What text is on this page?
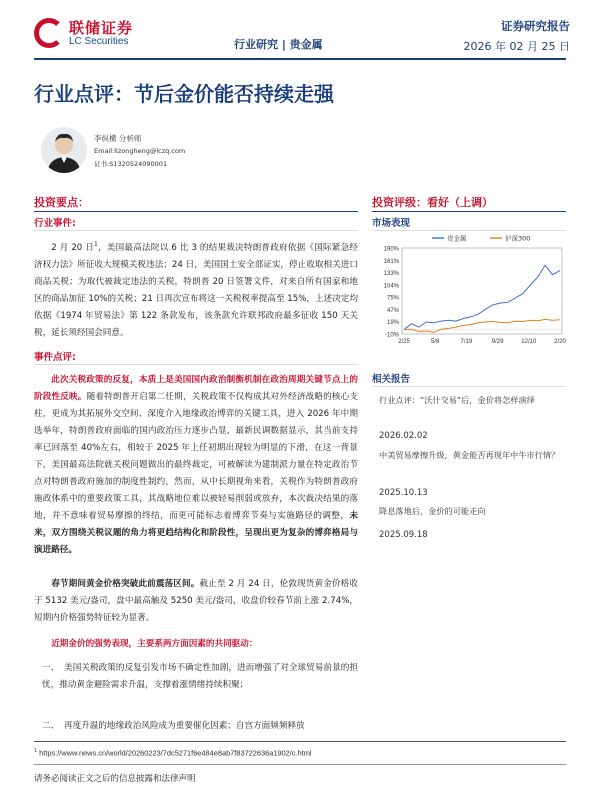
联储证券
LC Securities	行业研究 | 贵金属
证券研究报告
2026 年 02 月 25 日
行业点评：节后金价能否持续走强
李纵横 分析师
Email:lizongheng@lczq.com
证书:S1320524090001
投资要点：
行业事件:
2 月 20 日$^1$，美国最高法院以 6 比 3 的结果裁决特朗普政府依据《国际紧急经济权力法》所征收大规模关税违法；24 日，美国国土安全部证实，停止收取相关进口商品关税；为取代被裁定违法的关税，特朗普 20 日签署文件，对来自所有国家和地区的商品加征 10%的关税；21 日再次宣布将这一关税税率提高至 15%，上述决定均依据《1974 年贸易法》第 122 条款发布，该条款允许联邦政府最多征收 150 天关税，延长须经国会同意。
事件点评:
此次关税政策的反复，本质上是美国国内政治制衡机制在政治周期关键节点上的阶段性反映。随着特朗普开启第二任期，关税政策不仅构成其对外经济战略的核心支柱，更成为其拓展外交空间、深度介入地缘政治博弈的关键工具，进入 2026 年中期选举年，特朗普政府面临的国内政治压力逐步凸显，最新民调数据显示，其当前支持率已回落至 40%左右，相较于 2025 年上任初期出现较为明显的下滑，在这一背景下，美国最高法院就关税问题做出的最终裁定，可被解读为建制派力量在特定政治节点对特朗普政府施加的制度性制约，然而，从中长期视角来看，关税作为特朗普政府施政体系中的重要政策工具，其战略地位难以被轻易削弱或放弃，本次裁决结果的落地，并不意味着贸易摩擦的终结，而更可能标志着博弈节奏与实施路径的调整，未来，双方围绕关税议题的角力将更趋结构化和阶段性，呈现出更为复杂的博弈格局与演进路径。
春节期间黄金价格突破此前震荡区间。截止至 2 月 24 日，伦敦现货黄金价格收于 5132 美元/盎司，盘中最高触及 5250 美元/盎司，收盘价较春节前上涨 2.74%，短期内价格强势特征较为显著。
近期金价的强势表现，主要系两方面因素的共同驱动：
一、 美国关税政策的反复引发市场不确定性加剧，进而增强了对全球贸易前景的担忧，推动黄金避险需求升温，支撑着涨情绪持续积聚；
二、 再度升温的地缘政治风险成为重要催化因素；自宫方面频频释放
投资评级：看好（上调）
市场表现
190%
161%
133%
104%
75%
47%
19%
-10%
2/25	5/8	7/19	9/29	12/10	2/20
贵金属	沪深300
相关报告
行业点评：“沃什交易”后，金价将怎样演绎
2026.02.02
中美贸易摩擦升级，黄金能否再现年中牛市行情？
2025.10.13
降息落地后，金价的可能走向
2025.09.18
$^1$ https://www.news.cn/world/20260223/7dc5271f6e484e8ab7f83722636a1902/c.html
请务必阅读正文之后的信息披露和法律声明
